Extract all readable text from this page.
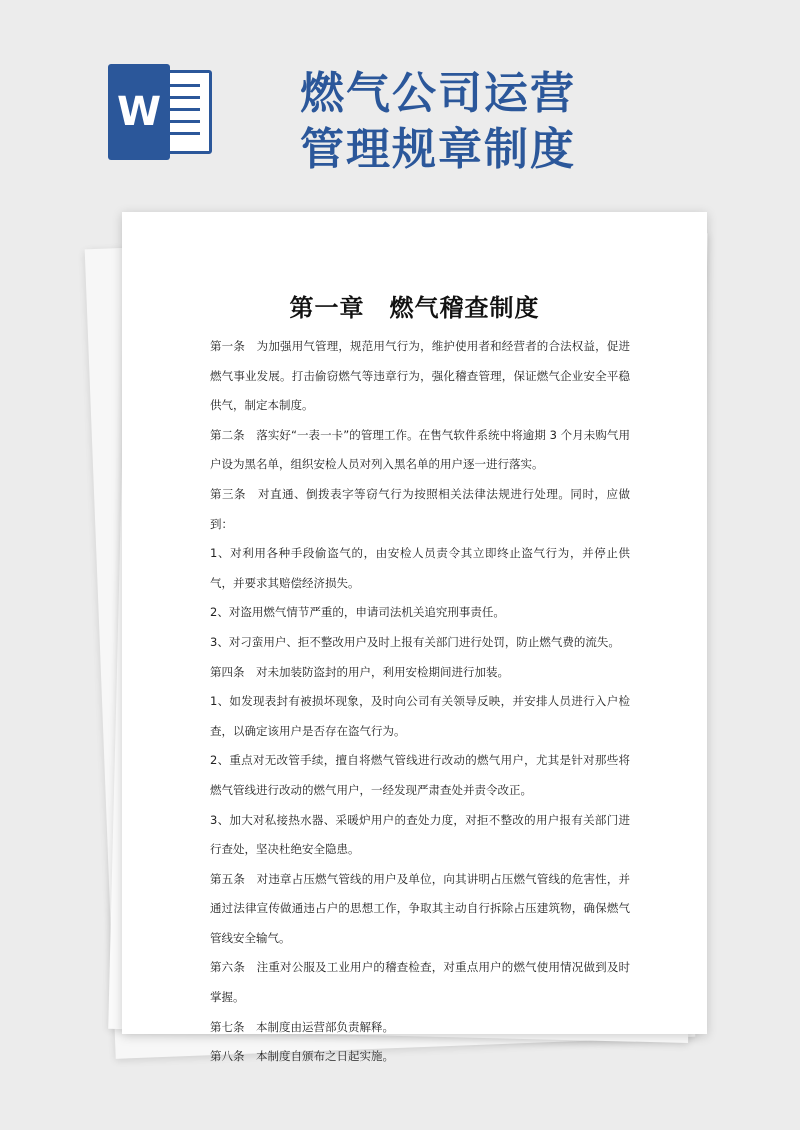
W	燃气公司运营
管理规章制度
第一章　燃气稽查制度

第一条　为加强用气管理，规范用气行为，维护使用者和经营者的合法权益，促进燃气事业发展。打击偷窃燃气等违章行为，强化稽查管理，保证燃气企业安全平稳供气，制定本制度。

第二条　落实好“一表一卡”的管理工作。在售气软件系统中将逾期 3 个月未购气用户设为黑名单，组织安检人员对列入黑名单的用户逐一进行落实。

第三条　对直通、倒拨表字等窃气行为按照相关法律法规进行处理。同时，应做到：

1、对利用各种手段偷盗气的，由安检人员责令其立即终止盗气行为，并停止供气，并要求其赔偿经济损失。

2、对盗用燃气情节严重的，申请司法机关追究刑事责任。

3、对刁蛮用户、拒不整改用户及时上报有关部门进行处罚，防止燃气费的流失。

第四条　对未加装防盗封的用户，利用安检期间进行加装。

1、如发现表封有被损坏现象，及时向公司有关领导反映，并安排人员进行入户检查，以确定该用户是否存在盗气行为。

2、重点对无改管手续，擅自将燃气管线进行改动的燃气用户，尤其是针对那些将燃气管线进行改动的燃气用户，一经发现严肃查处并责令改正。

3、加大对私接热水器、采暖炉用户的查处力度，对拒不整改的用户报有关部门进行查处，坚决杜绝安全隐患。

第五条　对违章占压燃气管线的用户及单位，向其讲明占压燃气管线的危害性，并通过法律宣传做通违占户的思想工作，争取其主动自行拆除占压建筑物，确保燃气管线安全输气。

第六条　注重对公服及工业用户的稽查检查，对重点用户的燃气使用情况做到及时掌握。

第七条　本制度由运营部负责解释。

第八条　本制度自颁布之日起实施。
